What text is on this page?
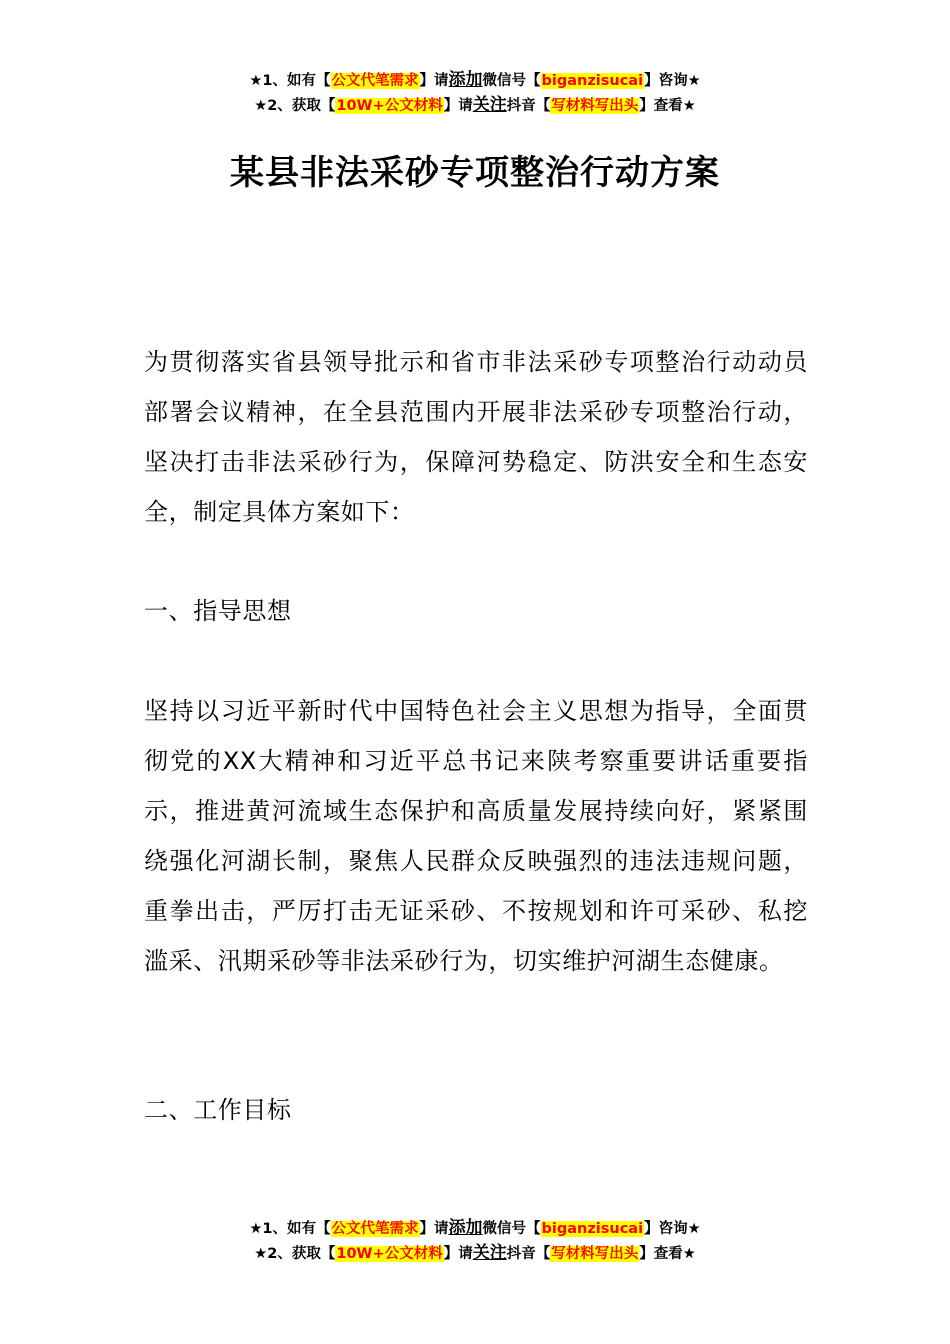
★1、如有【公文代笔需求】请添加微信号【biganzisucai】咨询★
★2、获取【10W+公文材料】请关注抖音【写材料写出头】查看★
某县非法采砂专项整治行动方案

为贯彻落实省县领导批示和省市非法采砂专项整治行动动员部署会议精神，在全县范围内开展非法采砂专项整治行动，坚决打击非法采砂行为，保障河势稳定、防洪安全和生态安全，制定具体方案如下：

一、指导思想

坚持以习近平新时代中国特色社会主义思想为指导，全面贯彻党的XX大精神和习近平总书记来陕考察重要讲话重要指示，推进黄河流域生态保护和高质量发展持续向好，紧紧围绕强化河湖长制，聚焦人民群众反映强烈的违法违规问题，重拳出击，严厉打击无证采砂、不按规划和许可采砂、私挖滥采、汛期采砂等非法采砂行为，切实维护河湖生态健康。

二、工作目标

★1、如有【公文代笔需求】请添加微信号【biganzisucai】咨询★
★2、获取【10W+公文材料】请关注抖音【写材料写出头】查看★
